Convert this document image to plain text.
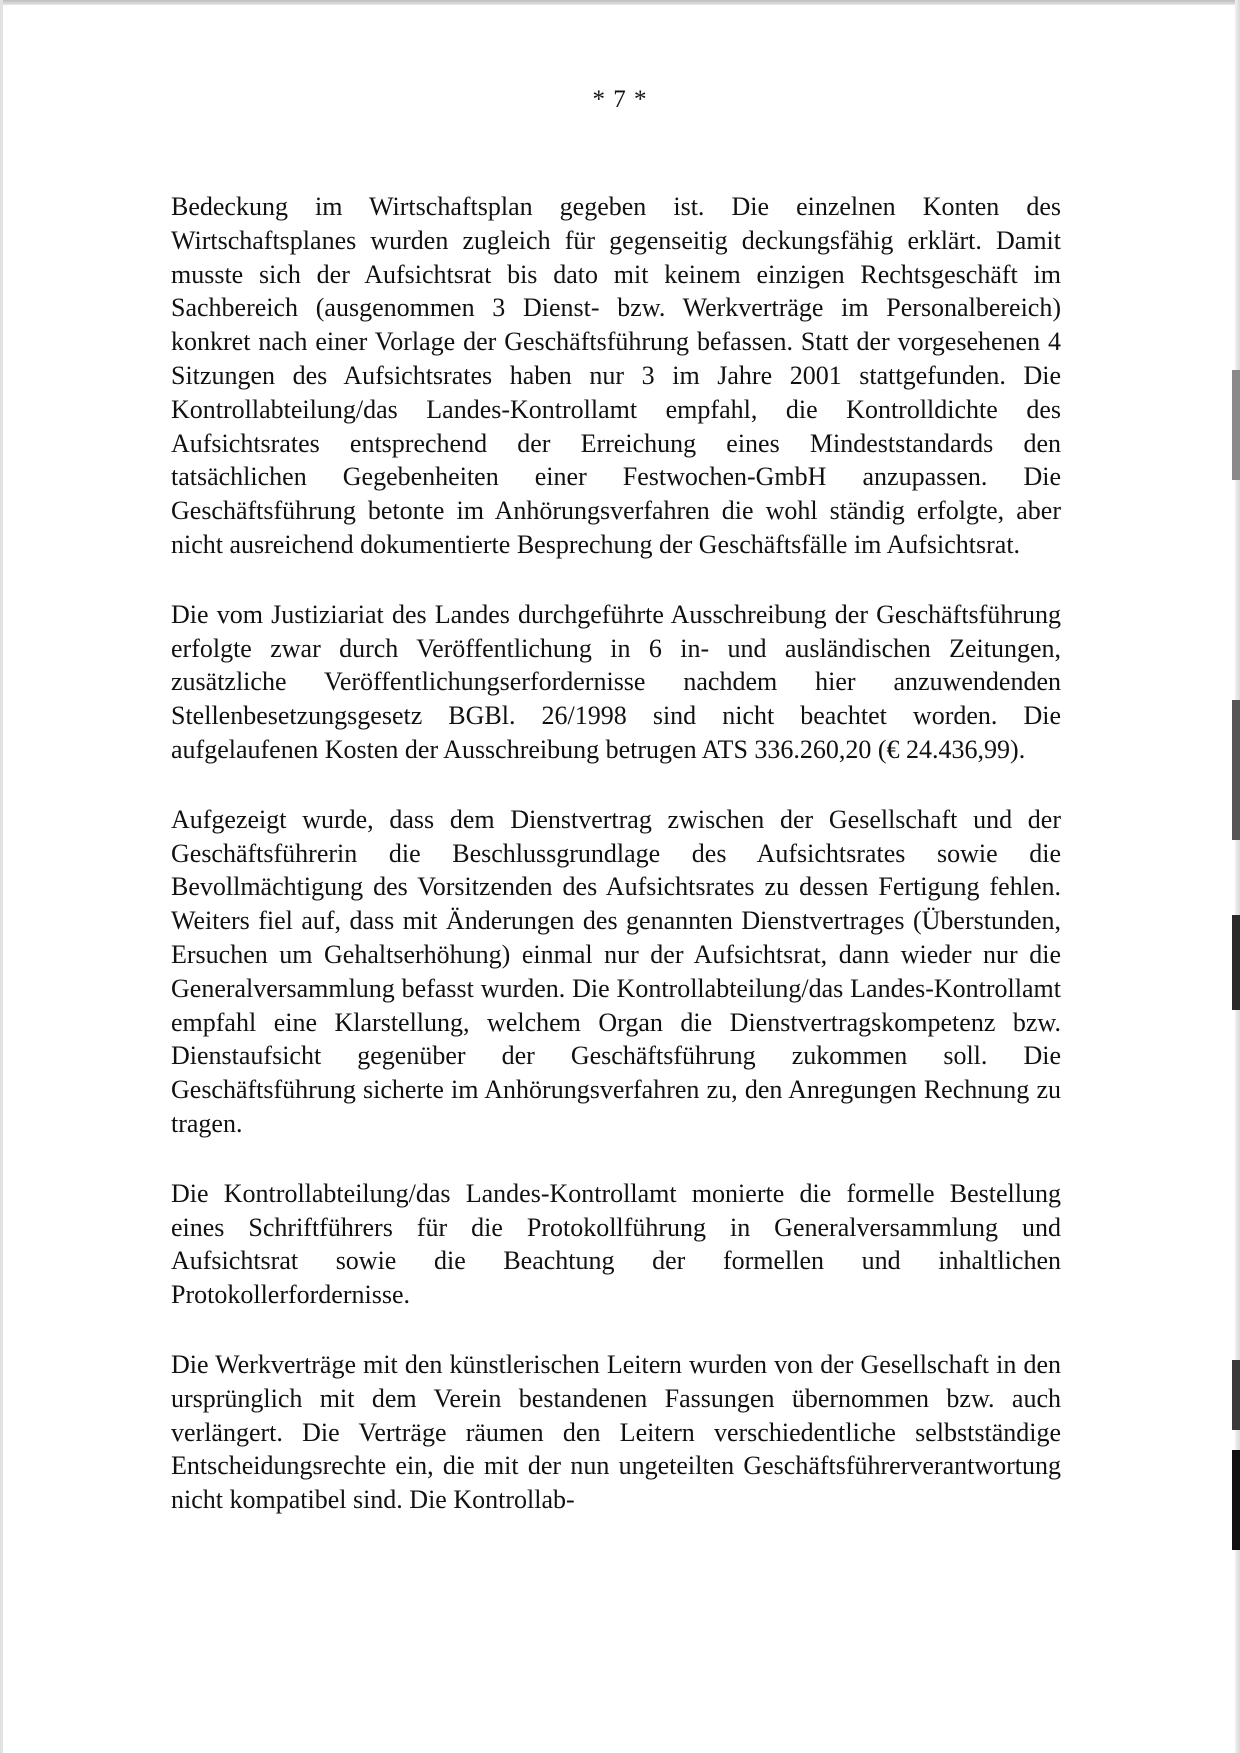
* 7 *

Bedeckung im Wirtschaftsplan gegeben ist. Die einzelnen Konten des Wirtschaftsplanes wurden zugleich für gegenseitig deckungsfähig erklärt. Damit musste sich der Aufsichtsrat bis dato mit keinem einzigen Rechtsgeschäft im Sachbereich (ausgenommen 3 Dienst- bzw. Werkverträge im Personalbereich) konkret nach einer Vorlage der Geschäftsführung befassen. Statt der vorgesehenen 4 Sitzungen des Aufsichtsrates haben nur 3 im Jahre 2001 stattgefunden. Die Kontrollabteilung/das Landes-Kontrollamt empfahl, die Kontrolldichte des Aufsichtsrates entsprechend der Erreichung eines Mindeststandards den tatsächlichen Gegebenheiten einer Festwochen-GmbH anzupassen. Die Geschäftsführung betonte im Anhörungsverfahren die wohl ständig erfolgte, aber nicht ausreichend dokumentierte Besprechung der Geschäftsfälle im Aufsichtsrat.

Die vom Justiziariat des Landes durchgeführte Ausschreibung der Geschäftsführung erfolgte zwar durch Veröffentlichung in 6 in- und ausländischen Zeitungen, zusätzliche Veröffentlichungserfordernisse nachdem hier anzuwendenden Stellenbesetzungsgesetz BGBl. 26/1998 sind nicht beachtet worden. Die aufgelaufenen Kosten der Ausschreibung betrugen ATS 336.260,20 (€ 24.436,99).

Aufgezeigt wurde, dass dem Dienstvertrag zwischen der Gesellschaft und der Geschäftsführerin die Beschlussgrundlage des Aufsichtsrates sowie die Bevollmächtigung des Vorsitzenden des Aufsichtsrates zu dessen Fertigung fehlen. Weiters fiel auf, dass mit Änderungen des genannten Dienstvertrages (Überstunden, Ersuchen um Gehaltserhöhung) einmal nur der Aufsichtsrat, dann wieder nur die Generalversammlung befasst wurden. Die Kontrollabteilung/das Landes-Kontrollamt empfahl eine Klarstellung, welchem Organ die Dienstvertragskompetenz bzw. Dienstaufsicht gegenüber der Geschäftsführung zukommen soll. Die Geschäftsführung sicherte im Anhörungsverfahren zu, den Anregungen Rechnung zu tragen.

Die Kontrollabteilung/das Landes-Kontrollamt monierte die formelle Bestellung eines Schriftführers für die Protokollführung in Generalversammlung und Aufsichtsrat sowie die Beachtung der formellen und inhaltlichen Protokollerfordernisse.

Die Werkverträge mit den künstlerischen Leitern wurden von der Gesellschaft in den ursprünglich mit dem Verein bestandenen Fassungen übernommen bzw. auch verlängert. Die Verträge räumen den Leitern verschiedentliche selbstständige Entscheidungsrechte ein, die mit der nun ungeteilten Geschäftsführerverantwortung nicht kompatibel sind. Die Kontrollab-
